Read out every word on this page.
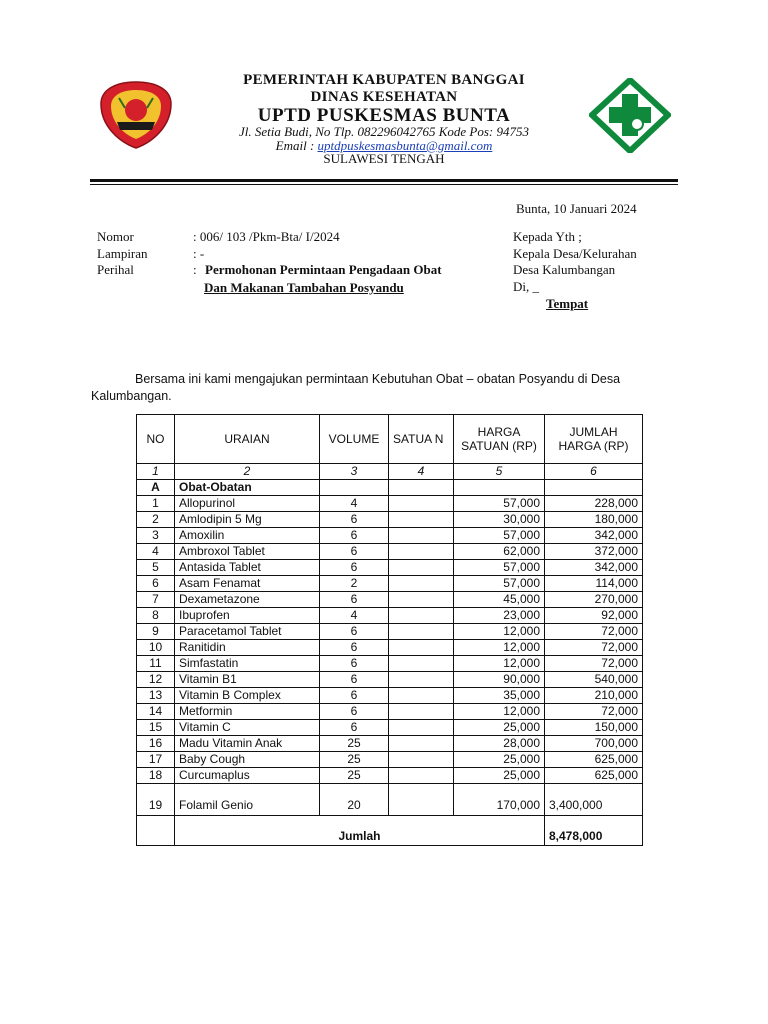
PEMERINTAH KABUPATEN BANGGAI
DINAS KESEHATAN
UPTD PUSKESMAS BUNTA
Jl. Setia Budi, No Tlp. 082296042765 Kode Pos: 94753
Email : uptdpuskesmasbunta@gmail.com
SULAWESI TENGAH
Bunta, 10 Januari 2024
Nomor	: 006/ 103 /Pkm-Bta/ I/2024
Lampiran	: -
Perihal	: Permohonan Permintaan Pengadaan Obat
Dan Makanan Tambahan Posyandu
Kepada Yth ;
Kepala Desa/Kelurahan
Desa Kalumbangan
Di, _
Tempat
Bersama ini kami mengajukan permintaan Kebutuhan Obat – obatan Posyandu di Desa Kalumbangan.
NO	URAIAN	VOLUME	SATUA N	HARGA SATUAN (RP)	JUMLAH HARGA (RP)
1	2	3	4	5	6
A	Obat-Obatan				
1	Allopurinol	4		57,000	228,000
2	Amlodipin 5 Mg	6		30,000	180,000
3	Amoxilin	6		57,000	342,000
4	Ambroxol Tablet	6		62,000	372,000
5	Antasida Tablet	6		57,000	342,000
6	Asam Fenamat	2		57,000	114,000
7	Dexametazone	6		45,000	270,000
8	Ibuprofen	4		23,000	92,000
9	Paracetamol Tablet	6		12,000	72,000
10	Ranitidin	6		12,000	72,000
11	Simfastatin	6		12,000	72,000
12	Vitamin B1	6		90,000	540,000
13	Vitamin B Complex	6		35,000	210,000
14	Metformin	6		12,000	72,000
15	Vitamin C	6		25,000	150,000
16	Madu Vitamin Anak	25		28,000	700,000
17	Baby Cough	25		25,000	625,000
18	Curcumaplus	25		25,000	625,000
19	Folamil Genio	20		170,000	3,400,000
	Jumlah				8,478,000
